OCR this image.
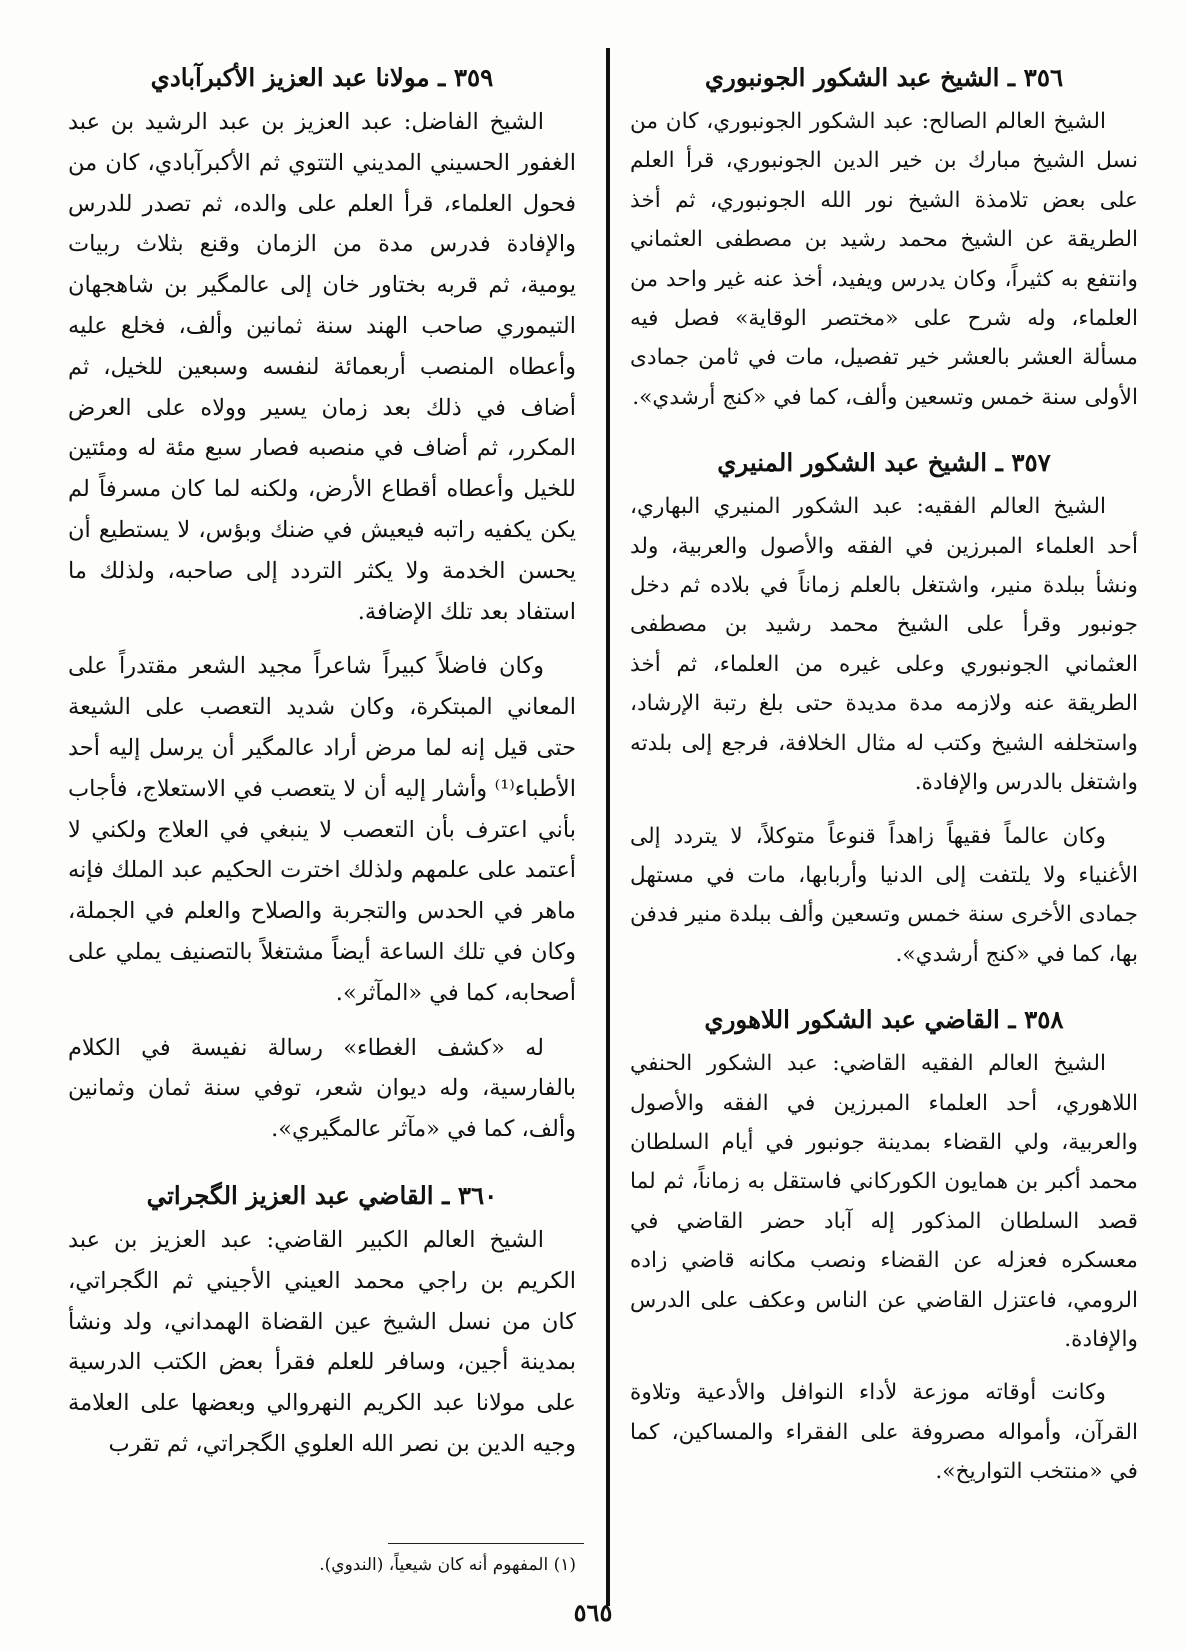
٣٥٦ ـ الشيخ عبد الشكور الجونبوري

الشيخ العالم الصالح: عبد الشكور الجونبوري، كان من نسل الشيخ مبارك بن خير الدين الجونبوري، قرأ العلم على بعض تلامذة الشيخ نور الله الجونبوري، ثم أخذ الطريقة عن الشيخ محمد رشيد بن مصطفى العثماني وانتفع به كثيراً، وكان يدرس ويفيد، أخذ عنه غير واحد من العلماء، وله شرح على «مختصر الوقاية» فصل فيه مسألة العشر بالعشر خير تفصيل، مات في ثامن جمادى الأولى سنة خمس وتسعين وألف، كما في «كنج أرشدي».

٣٥٧ ـ الشيخ عبد الشكور المنيري

الشيخ العالم الفقيه: عبد الشكور المنيري البهاري، أحد العلماء المبرزين في الفقه والأصول والعربية، ولد ونشأ ببلدة منير، واشتغل بالعلم زماناً في بلاده ثم دخل جونبور وقرأ على الشيخ محمد رشيد بن مصطفى العثماني الجونبوري وعلى غيره من العلماء، ثم أخذ الطريقة عنه ولازمه مدة مديدة حتى بلغ رتبة الإرشاد، واستخلفه الشيخ وكتب له مثال الخلافة، فرجع إلى بلدته واشتغل بالدرس والإفادة.

وكان عالماً فقيهاً زاهداً قنوعاً متوكلاً، لا يتردد إلى الأغنياء ولا يلتفت إلى الدنيا وأربابها، مات في مستهل جمادى الأخرى سنة خمس وتسعين وألف ببلدة منير فدفن بها، كما في «كنج أرشدي».

٣٥٨ ـ القاضي عبد الشكور اللاهوري

الشيخ العالم الفقيه القاضي: عبد الشكور الحنفي اللاهوري، أحد العلماء المبرزين في الفقه والأصول والعربية، ولي القضاء بمدينة جونبور في أيام السلطان محمد أكبر بن همايون الكوركاني فاستقل به زماناً، ثم لما قصد السلطان المذكور إله آباد حضر القاضي في معسكره فعزله عن القضاء ونصب مكانه قاضي زاده الرومي، فاعتزل القاضي عن الناس وعكف على الدرس والإفادة.

وكانت أوقاته موزعة لأداء النوافل والأدعية وتلاوة القرآن، وأمواله مصروفة على الفقراء والمساكين، كما في «منتخب التواريخ».

٣٥٩ ـ مولانا عبد العزيز الأكبرآبادي

الشيخ الفاضل: عبد العزيز بن عبد الرشيد بن عبد الغفور الحسيني المديني التتوي ثم الأكبرآبادي، كان من فحول العلماء، قرأ العلم على والده، ثم تصدر للدرس والإفادة فدرس مدة من الزمان وقنع بثلاث ربيات يومية، ثم قربه بختاور خان إلى عالمگير بن شاهجهان التيموري صاحب الهند سنة ثمانين وألف، فخلع عليه وأعطاه المنصب أربعمائة لنفسه وسبعين للخيل، ثم أضاف في ذلك بعد زمان يسير وولاه على العرض المكرر، ثم أضاف في منصبه فصار سبع مئة له ومئتين للخيل وأعطاه أقطاع الأرض، ولكنه لما كان مسرفاً لم يكن يكفيه راتبه فيعيش في ضنك وبؤس، لا يستطيع أن يحسن الخدمة ولا يكثر التردد إلى صاحبه، ولذلك ما استفاد بعد تلك الإضافة.

وكان فاضلاً كبيراً شاعراً مجيد الشعر مقتدراً على المعاني المبتكرة، وكان شديد التعصب على الشيعة حتى قيل إنه لما مرض أراد عالمگير أن يرسل إليه أحد الأطباء⁽¹⁾ وأشار إليه أن لا يتعصب في الاستعلاج، فأجاب بأني اعترف بأن التعصب لا ينبغي في العلاج ولكني لا أعتمد على علمهم ولذلك اخترت الحكيم عبد الملك فإنه ماهر في الحدس والتجربة والصلاح والعلم في الجملة، وكان في تلك الساعة أيضاً مشتغلاً بالتصنيف يملي على أصحابه، كما في «المآثر».

له «كشف الغطاء» رسالة نفيسة في الكلام بالفارسية، وله ديوان شعر، توفي سنة ثمان وثمانين وألف، كما في «مآثر عالمگيري».

٣٦٠ ـ القاضي عبد العزيز الگجراتي

الشيخ العالم الكبير القاضي: عبد العزيز بن عبد الكريم بن راجي محمد العيني الأجيني ثم الگجراتي، كان من نسل الشيخ عين القضاة الهمداني، ولد ونشأ بمدينة أجين، وسافر للعلم فقرأ بعض الكتب الدرسية على مولانا عبد الكريم النهروالي وبعضها على العلامة وجيه الدين بن نصر الله العلوي الگجراتي، ثم تقرب

(١) المفهوم أنه كان شيعياً، (الندوي).
٥٦٥
